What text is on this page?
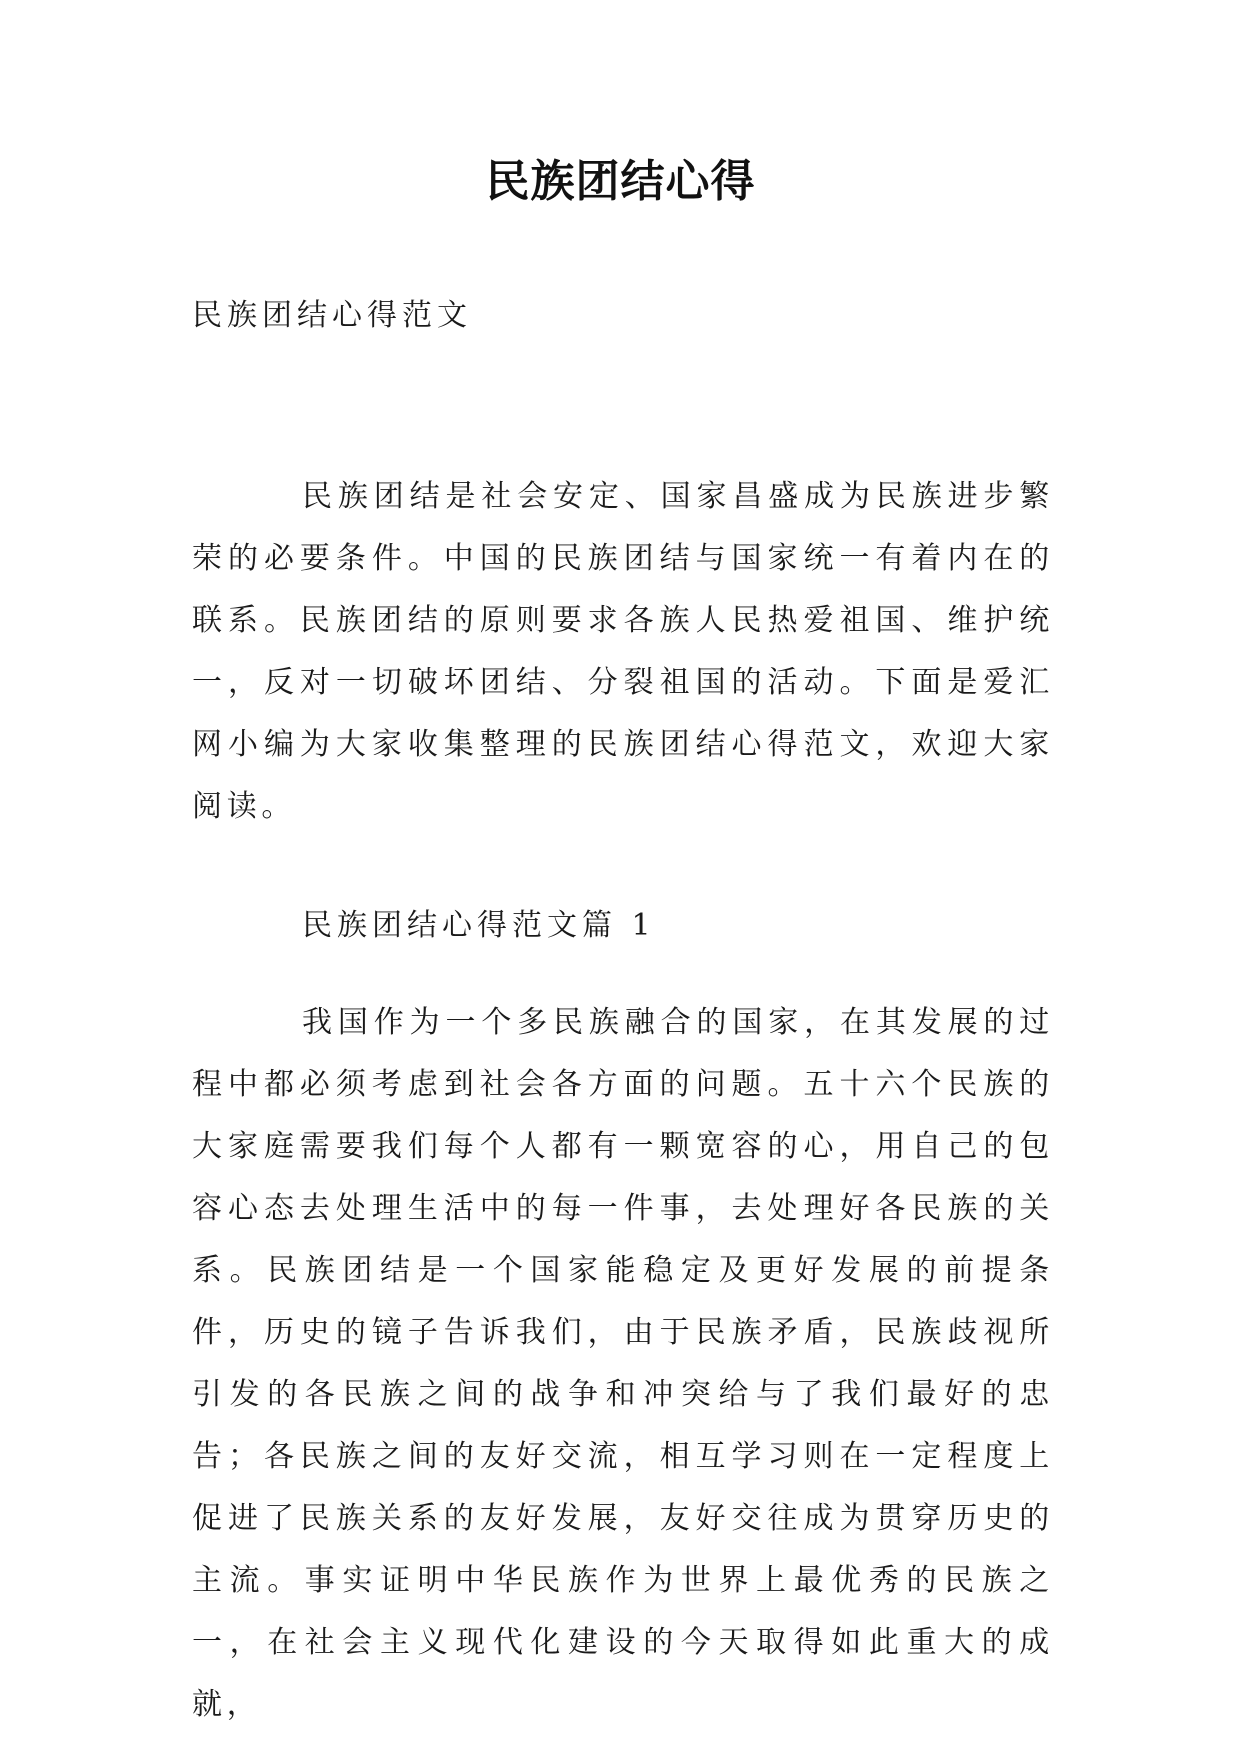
民族团结心得

民族团结心得范文

民族团结是社会安定、国家昌盛成为民族进步繁荣的必要条件。中国的民族团结与国家统一有着内在的联系。民族团结的原则要求各族人民热爱祖国、维护统一，反对一切破坏团结、分裂祖国的活动。下面是爱汇网小编为大家收集整理的民族团结心得范文，欢迎大家阅读。

民族团结心得范文篇 1

我国作为一个多民族融合的国家，在其发展的过程中都必须考虑到社会各方面的问题。五十六个民族的大家庭需要我们每个人都有一颗宽容的心，用自己的包容心态去处理生活中的每一件事，去处理好各民族的关系。民族团结是一个国家能稳定及更好发展的前提条件，历史的镜子告诉我们，由于民族矛盾，民族歧视所引发的各民族之间的战争和冲突给与了我们最好的忠告；各民族之间的友好交流，相互学习则在一定程度上促进了民族关系的友好发展，友好交往成为贯穿历史的主流。事实证明中华民族作为世界上最优秀的民族之一，在社会主义现代化建设的今天取得如此重大的成就，
